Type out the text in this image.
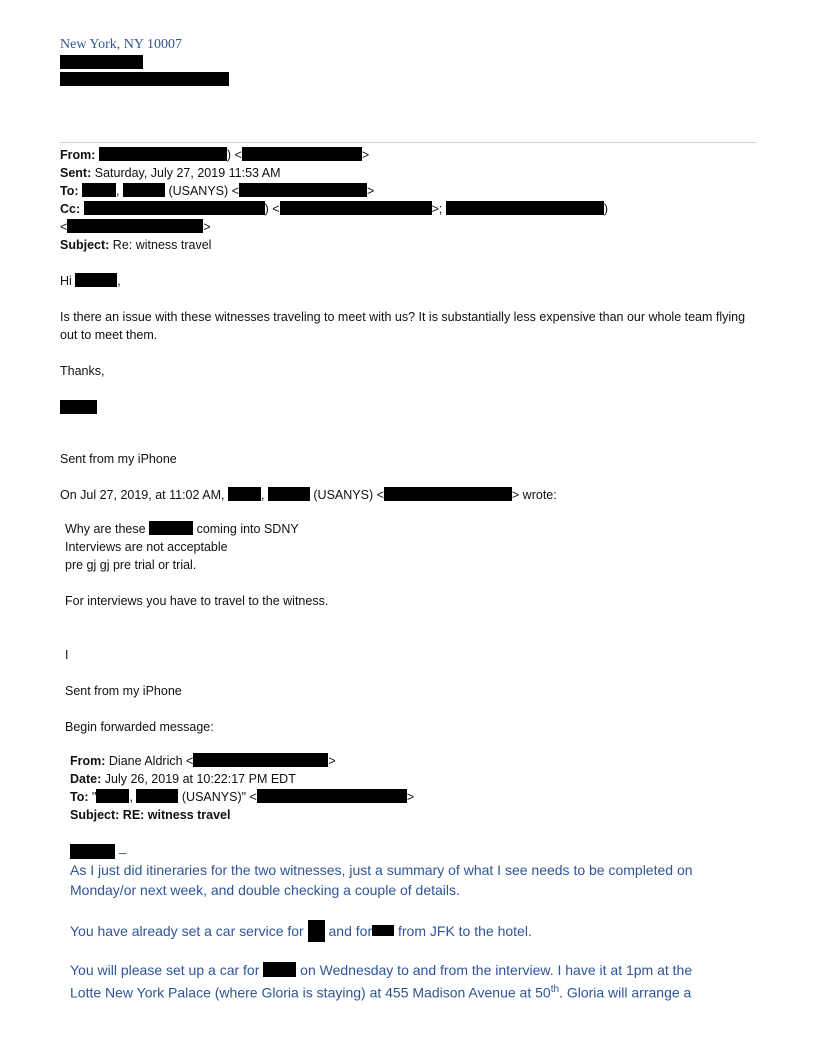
New York, NY 10007
From:	) <	>
Sent: Saturday, July 27, 2019 11:53 AM
To:	,	(USANYS) <	>
Cc:	) <	>;	)
<	>
Subject: Re: witness travel
Hi	,
Is there an issue with these witnesses traveling to meet with us? It is substantially less expensive than our whole team flying out to meet them.
Thanks,
Sent from my iPhone
On Jul 27, 2019, at 11:02 AM,	,	(USANYS) <	> wrote:
Why are these	coming into SDNY
Interviews are not acceptable
pre gj gj pre trial or trial.
For interviews you have to travel to the witness.
I
Sent from my iPhone
Begin forwarded message:
From: Diane Aldrich <	>
Date: July 26, 2019 at 10:22:17 PM EDT
To: "	,	(USANYS)" <	>
Subject: RE: witness travel
–
As I just did itineraries for the two witnesses, just a summary of what I see needs to be completed on Monday/or next week, and double checking a couple of details.
You have already set a car service for and for from JFK to the hotel.
You will please set up a car for	on Wednesday to and from the interview. I have it at 1pm at the
Lotte New York Palace (where Gloria is staying) at 455 Madison Avenue at 50th. Gloria will arrange a
